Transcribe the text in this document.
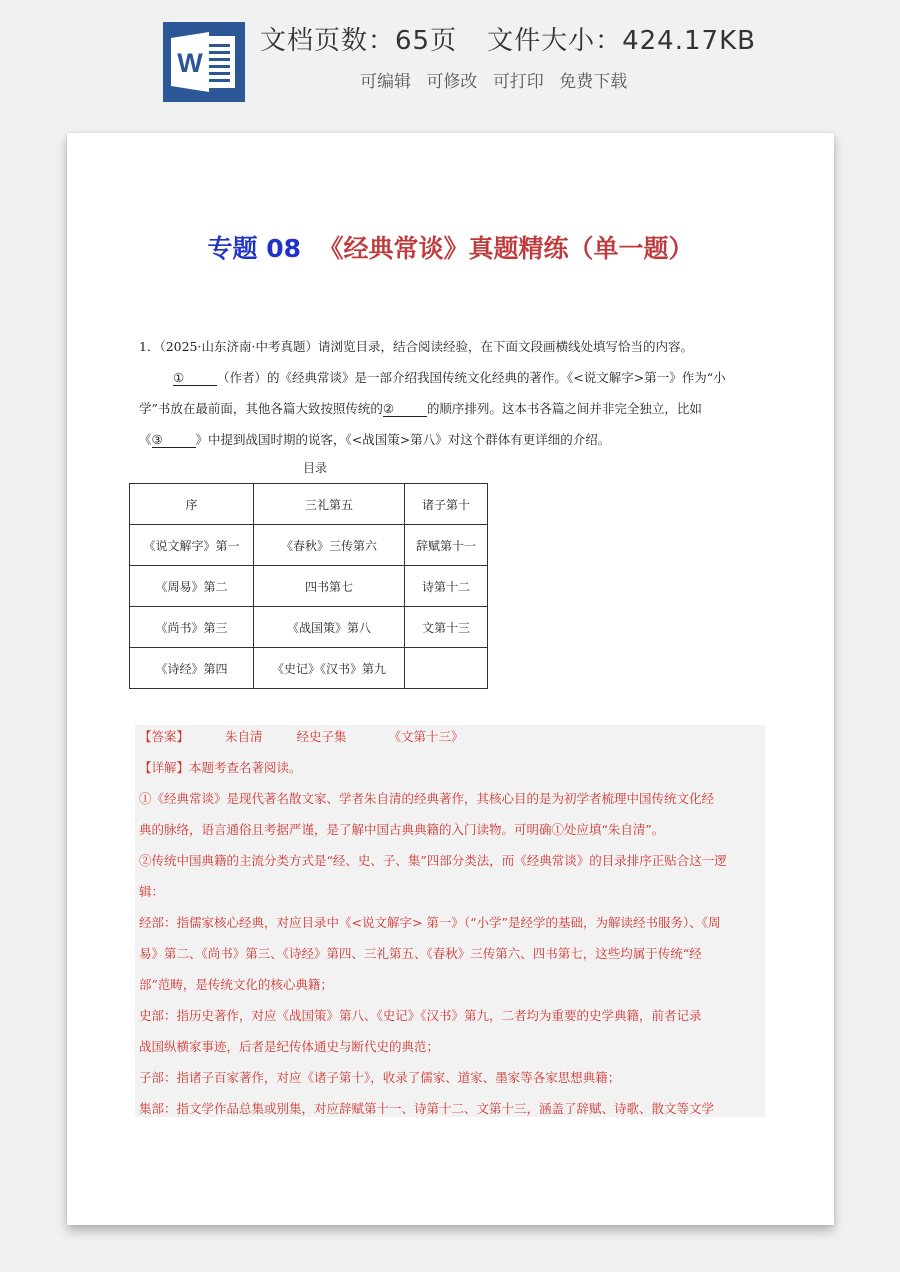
W
文档页数：65页 文件大小：424.17KB
可编辑 可修改 可打印 免费下载
专题 08 《经典常谈》真题精练（单一题）
1．（2025·山东济南·中考真题）请浏览目录，结合阅读经验，在下面文段画横线处填写恰当的内容。
①	（作者）的《经典常谈》是一部介绍我国传统文化经典的著作。《<说文解字>第一》作为“小
学”书放在最前面，其他各篇大致按照传统的②	的顺序排列。这本书各篇之间并非完全独立，比如
《③	》中提到战国时期的说客，《<战国策>第八》对这个群体有更详细的介绍。
目录
序	三礼第五	诸子第十
《说文解字》第一	《春秋》三传第六	辞赋第十一
《周易》第二	四书第七	诗第十二
《尚书》第三	《战国策》第八	文第十三
《诗经》第四	《史记》《汉书》第九	
【答案】	朱自清	经史子集	《文第十三》
【详解】本题考查名著阅读。
①《经典常谈》是现代著名散文家、学者朱自清的经典著作，其核心目的是为初学者梳理中国传统文化经
典的脉络，语言通俗且考据严谨，是了解中国古典典籍的入门读物。可明确①处应填“朱自清”。
②传统中国典籍的主流分类方式是“经、史、子、集”四部分类法，而《经典常谈》的目录排序正贴合这一逻
辑：
经部：指儒家核心经典，对应目录中《<说文解字> 第一》（“小学”是经学的基础，为解读经书服务）、《周
易》第二、《尚书》第三、《诗经》第四、三礼第五、《春秋》三传第六、四书第七，这些均属于传统“经
部”范畴，是传统文化的核心典籍；
史部：指历史著作，对应《战国策》第八、《史记》《汉书》第九，二者均为重要的史学典籍，前者记录
战国纵横家事迹，后者是纪传体通史与断代史的典范；
子部：指诸子百家著作，对应《诸子第十》，收录了儒家、道家、墨家等各家思想典籍；
集部：指文学作品总集或别集，对应辞赋第十一、诗第十二、文第十三，涵盖了辞赋、诗歌、散文等文学
